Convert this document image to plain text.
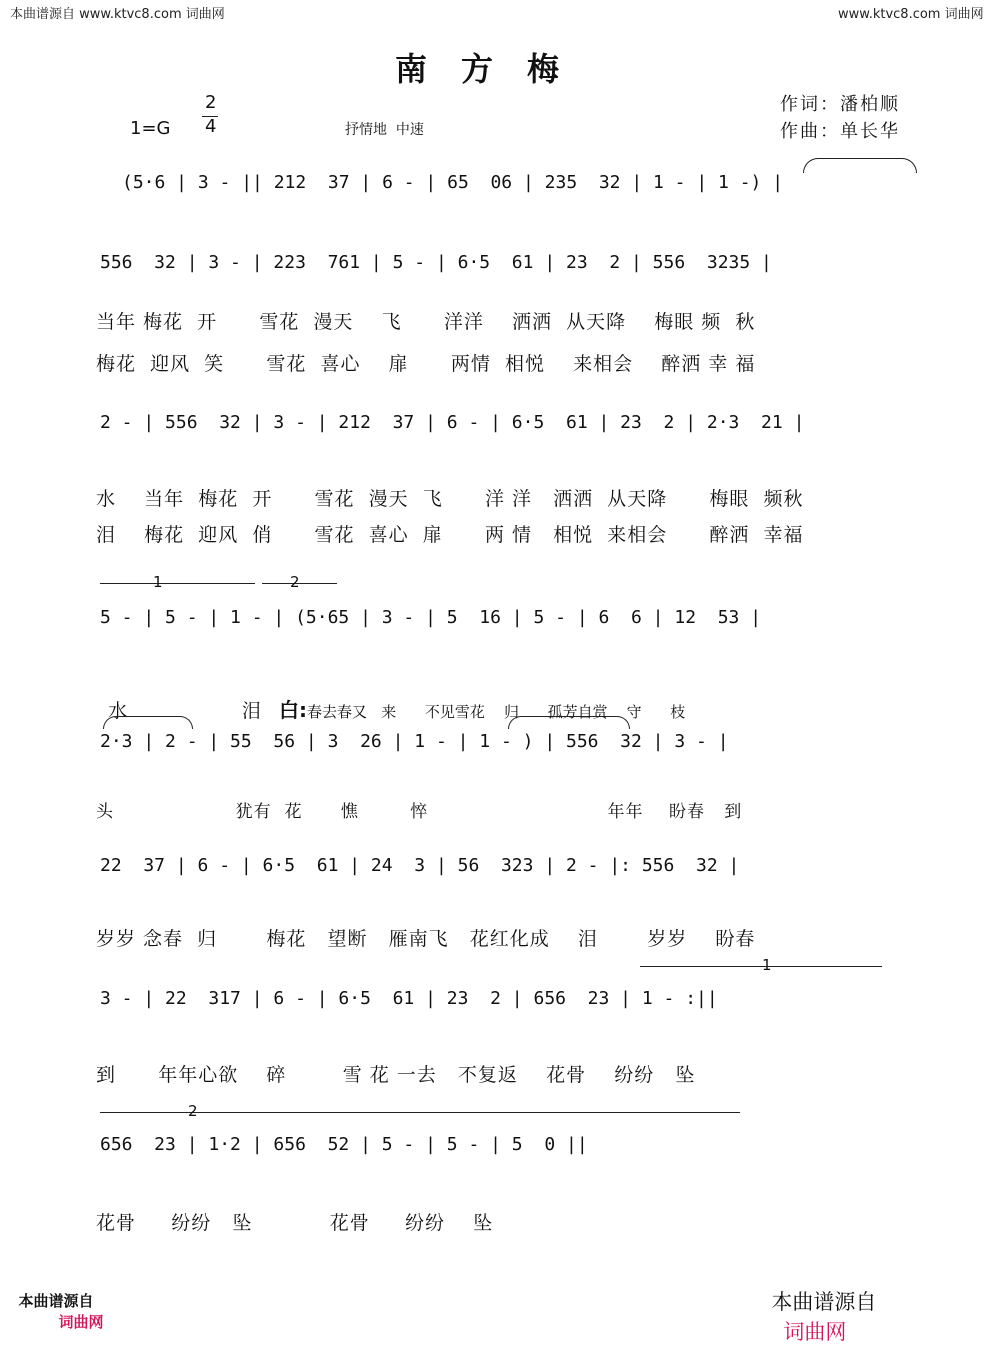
本曲谱源自 www.ktvc8.com 词曲网	www.ktvc8.com 词曲网
南方梅
1=G
2
4	抒情地  中速
作词：潘柏顺
作曲：单长华
(5·6 | 3 - || 212  37 | 6 - | 65  06 | 235  32 | 1 - | 1 -) |
556  32 | 3 - | 223  761 | 5 - | 6·5  61 | 23  2 | 556  3235 |
当年 梅花  开      雪花  漫天    飞      洋洋    洒洒  从天降    梅眼 频  秋
梅花  迎风  笑      雪花  喜心    扉      两情  相悦    来相会    醉洒 幸 福
2 - | 556  32 | 3 - | 212  37 | 6 - | 6·5  61 | 23  2 | 2·3  21 |
水    当年  梅花  开      雪花  漫天  飞      洋 洋   洒洒  从天降      梅眼  频秋
泪    梅花  迎风  俏      雪花  喜心  扉      两 情   相悦  来相会      醉洒  幸福
1	2
5 - | 5 - | 1 - | (5·65 | 3 - | 5  16 | 5 - | 6  6 | 12  53 |

水                   泪   白:春去春又   来      不见雪花    归      孤芳自赏    守      枝

2·3 | 2 - | 55  56 | 3  26 | 1 - | 1 - ) | 556  32 | 3 - |
头                   犹有  花      憔        悴                            年年    盼春   到
22  37 | 6 - | 6·5  61 | 24  3 | 56  323 | 2 - |: 556  32 |
岁岁 念春  归       梅花   望断   雁南飞   花红化成    泪       岁岁    盼春
1
3 - | 22  317 | 6 - | 6·5  61 | 23  2 | 656  23 | 1 - :||
到      年年心欲    碎        雪 花 一去   不复返    花骨    纷纷   坠
2
656  23 | 1·2 | 656  52 | 5 - | 5 - | 5  0 ||
花骨     纷纷   坠           花骨     纷纷    坠

本曲谱源自
词曲网

本曲谱源自
词曲网
